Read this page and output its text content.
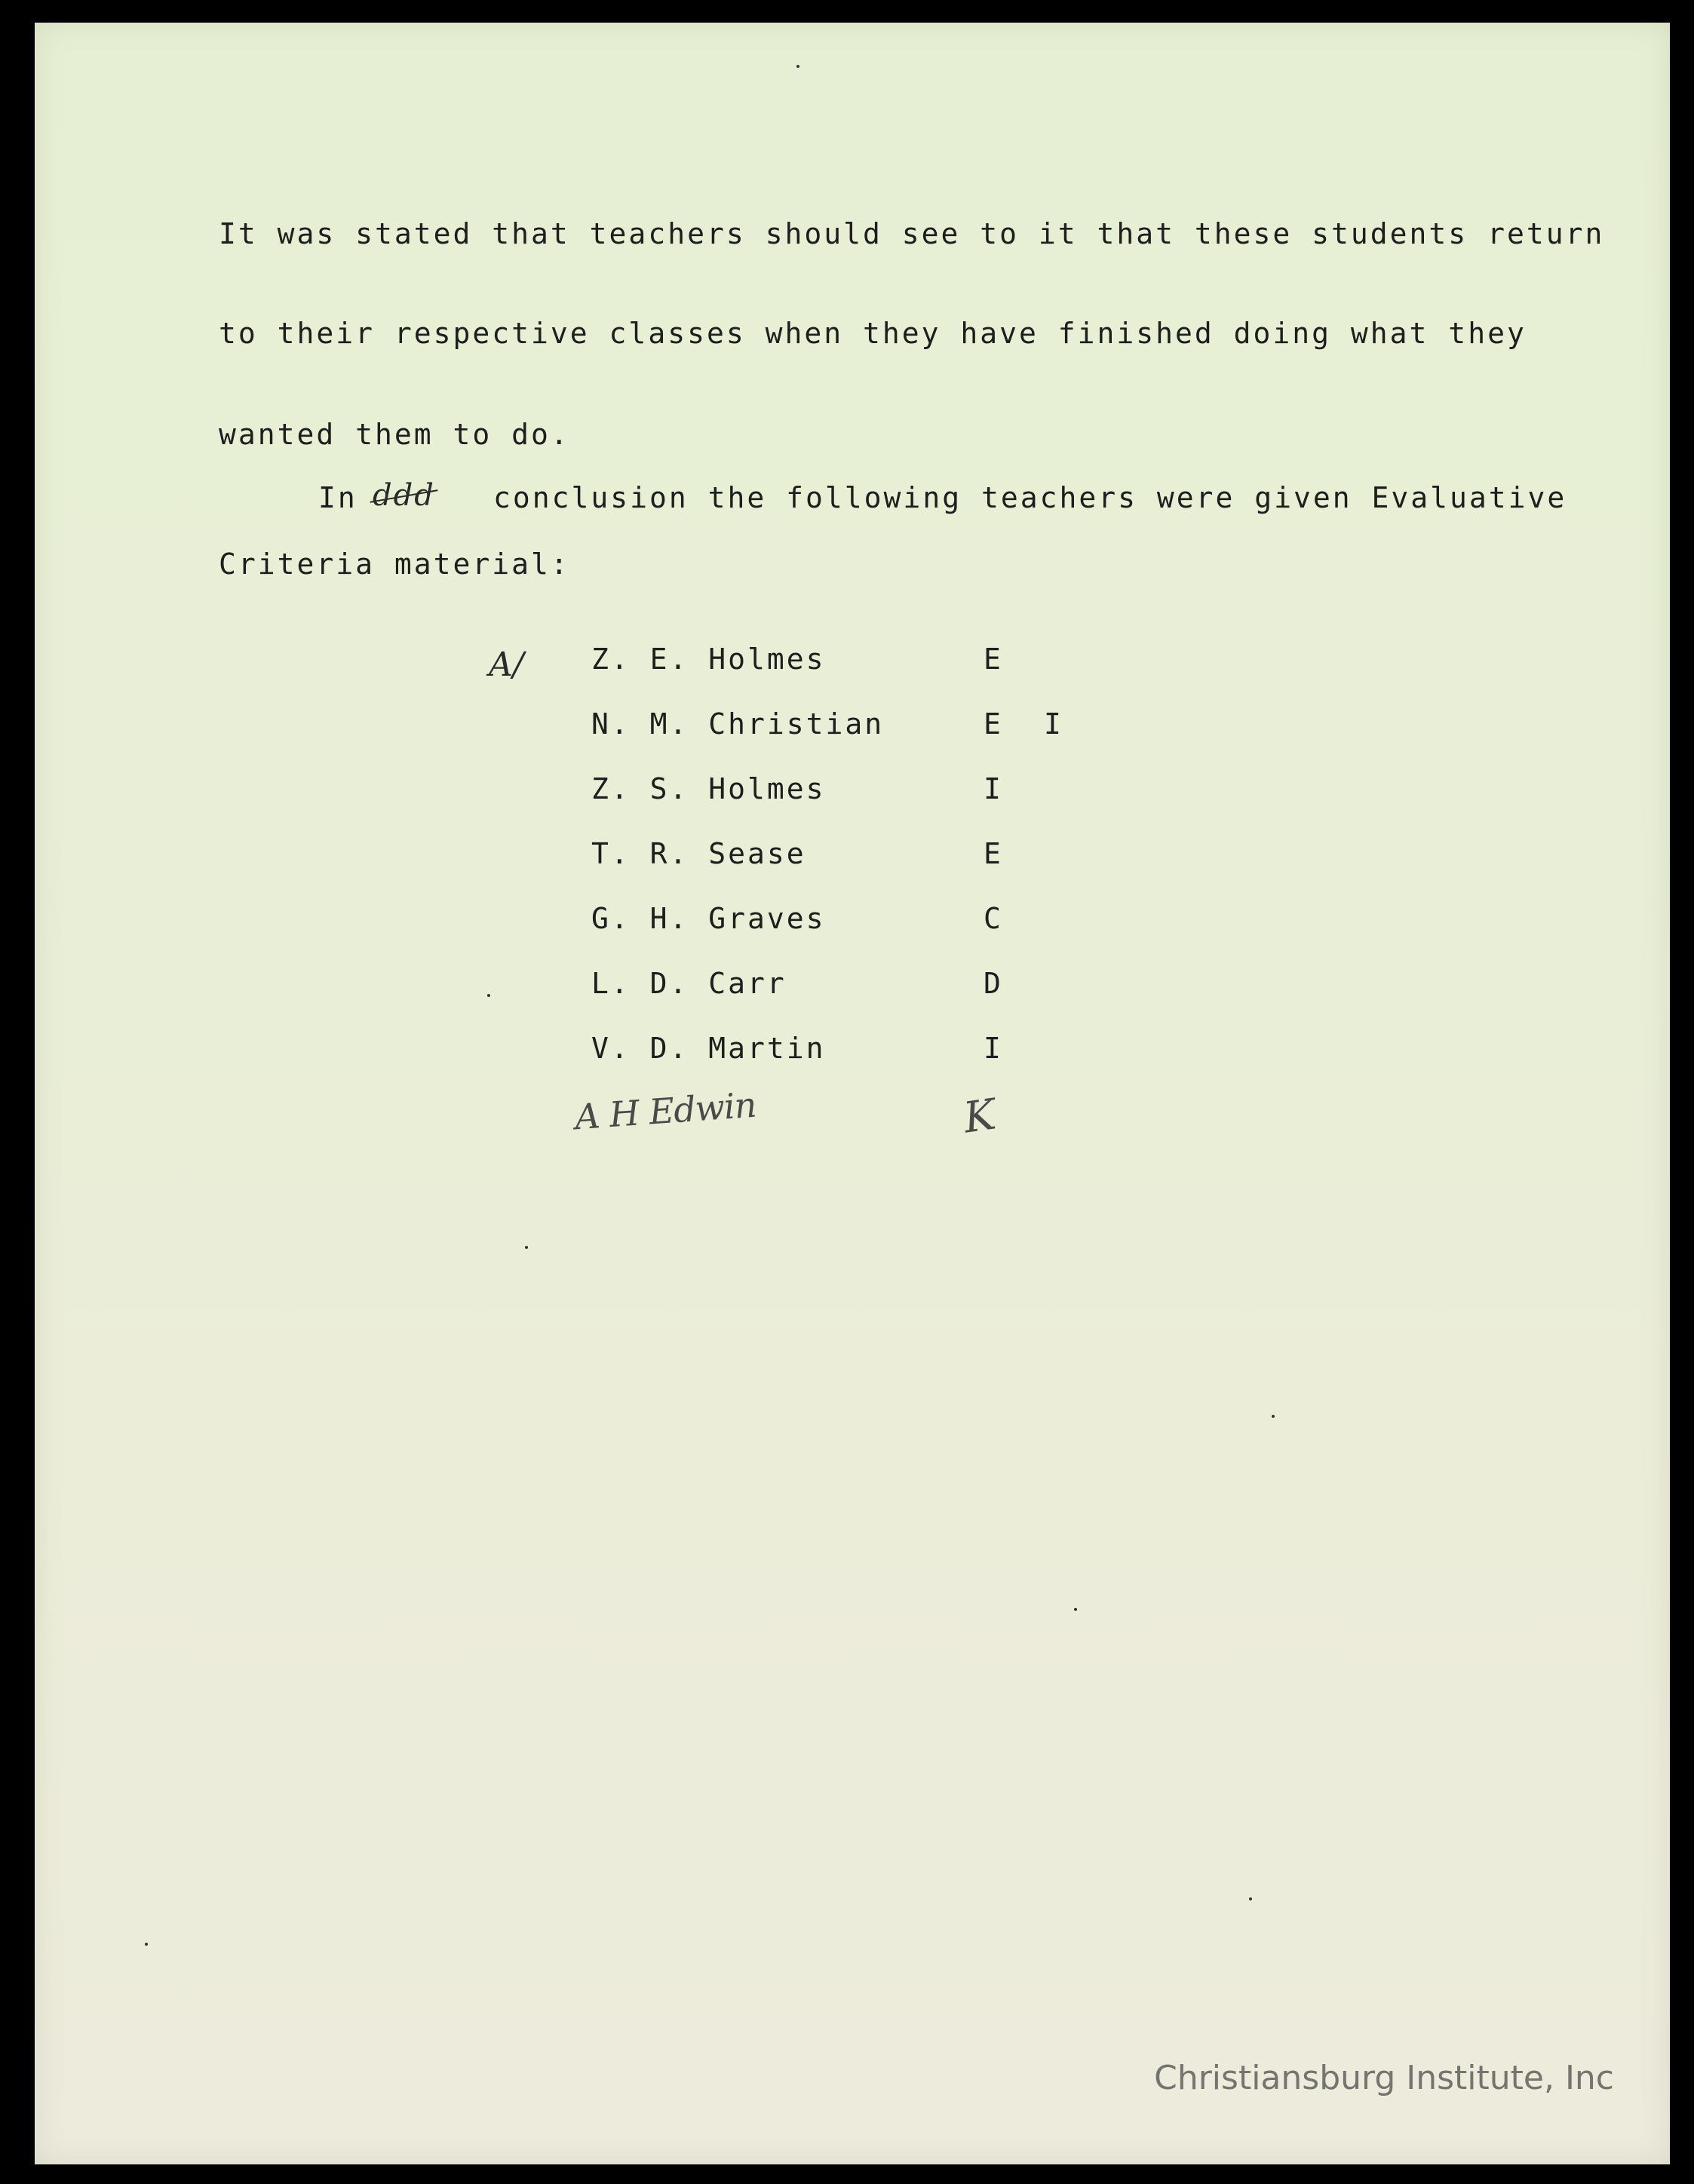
It was stated that teachers should see to it that these students return
to their respective classes when they have finished doing what they
wanted them to do.
In ddd conclusion the following teachers were given Evaluative
Criteria material:
A/ Z. E. Holmes	E
N. M. Christian	E I
Z. S. Holmes	I
T. R. Sease	E
G. H. Graves	C
L. D. Carr	D
V. D. Martin	I
A H Edwin	K
Christiansburg Institute, Inc
